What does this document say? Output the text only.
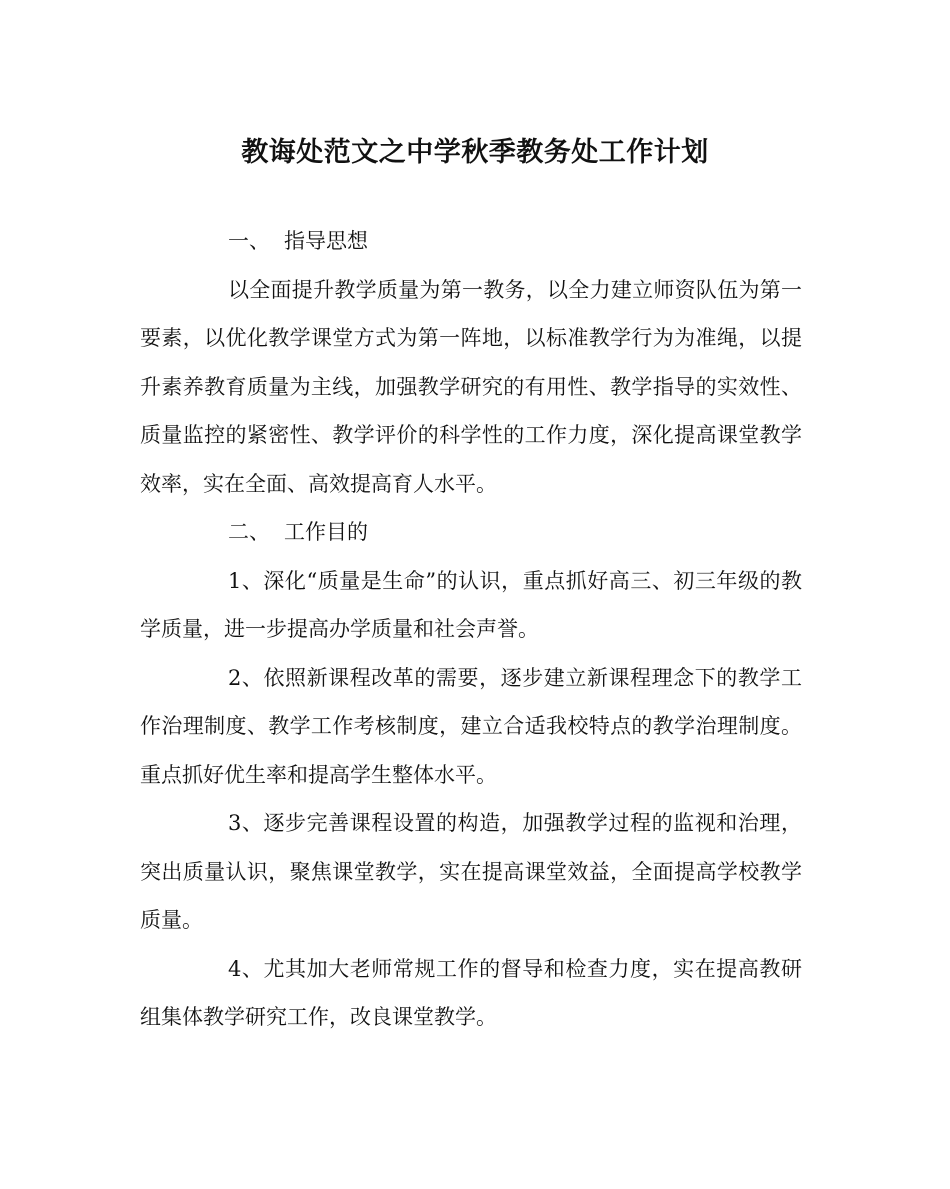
教诲处范文之中学秋季教务处工作计划

一、 指导思想

以全面提升教学质量为第一教务，以全力建立师资队伍为第一要素，以优化教学课堂方式为第一阵地，以标准教学行为为准绳，以提升素养教育质量为主线，加强教学研究的有用性、教学指导的实效性、质量监控的紧密性、教学评价的科学性的工作力度，深化提高课堂教学效率，实在全面、高效提高育人水平。

二、 工作目的

1、深化“质量是生命”的认识，重点抓好高三、初三年级的教学质量，进一步提高办学质量和社会声誉。

2、依照新课程改革的需要，逐步建立新课程理念下的教学工作治理制度、教学工作考核制度，建立合适我校特点的教学治理制度。重点抓好优生率和提高学生整体水平。

3、逐步完善课程设置的构造，加强教学过程的监视和治理，突出质量认识，聚焦课堂教学，实在提高课堂效益，全面提高学校教学质量。

4、尤其加大老师常规工作的督导和检查力度，实在提高教研组集体教学研究工作，改良课堂教学。
